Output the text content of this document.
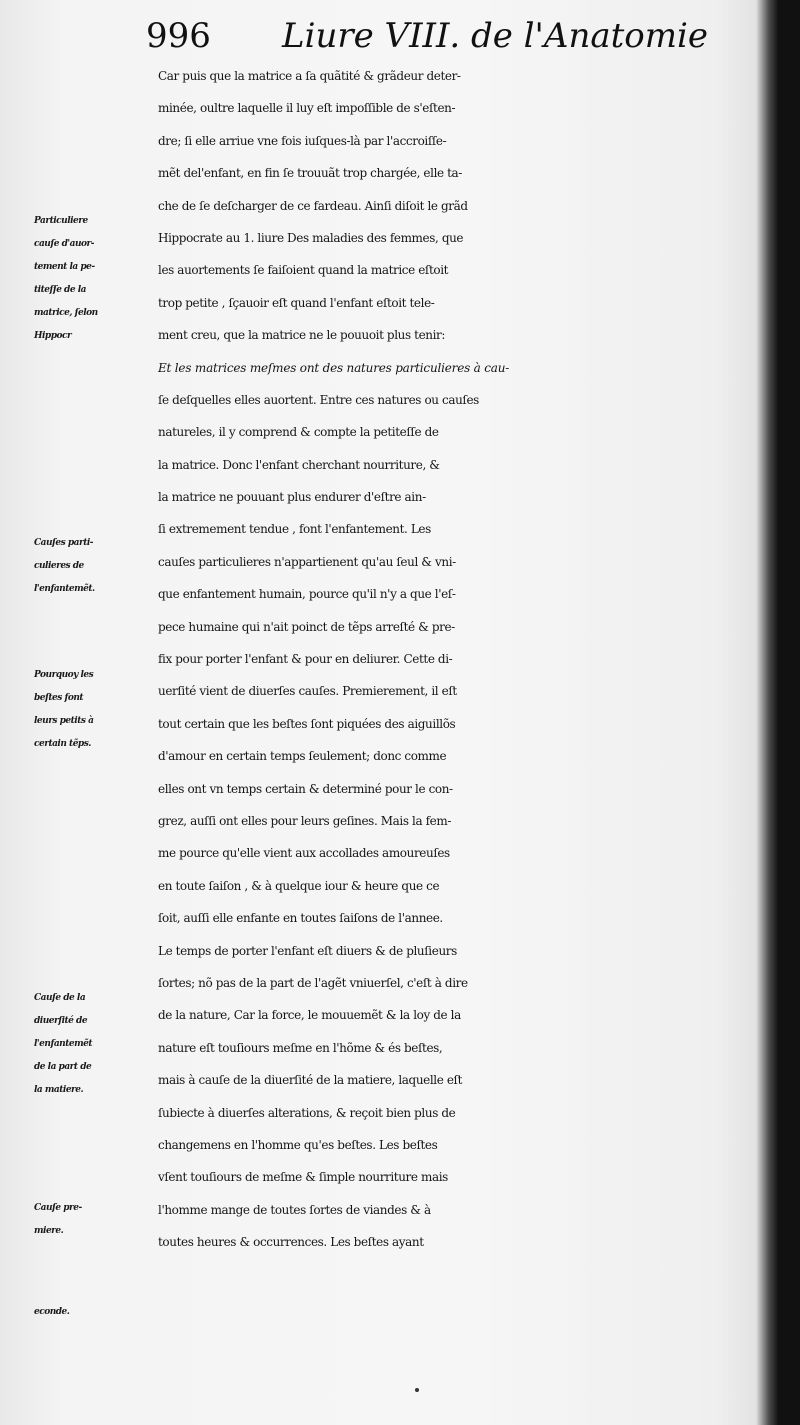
996 Liure VIII. de l'Anatomie
Car puis que la matrice a ſa quãtité & grãdeur deter-
minée, oultre laquelle il luy eſt impoſſible de s'eſten-
dre; ſi elle arriue vne fois iuſques-là par l'accroiſſe-
mẽt del'enfant, en fin ſe trouuãt trop chargée, elle ta-
che de ſe deſcharger de ce fardeau. Ainſi diſoit le grãd
Hippocrate au 1. liure Des maladies des femmes, que
les auortements ſe faiſoient quand la matrice eſtoit
trop petite , ſçauoir eſt quand l'enfant eſtoit tele-
ment creu, que la matrice ne le pouuoit plus tenir:
Et les matrices meſmes ont des natures particulieres à cau-
ſe deſquelles elles auortent. Entre ces natures ou cauſes
natureles, il y comprend & compte la petiteſſe de
la matrice. Donc l'enfant cherchant nourriture, &
la matrice ne pouuant plus endurer d'eſtre ain-
ſi extremement tendue , font l'enfantement. Les
cauſes particulieres n'appartienent qu'au ſeul & vni-
que enfantement humain, pource qu'il n'y a que l'eſ-
pece humaine qui n'ait poinct de tẽps arreſté & pre-
fix pour porter l'enfant & pour en deliurer. Cette di-
uerſité vient de diuerſes cauſes. Premierement, il eſt
tout certain que les beſtes ſont piquées des aiguillõs
d'amour en certain temps ſeulement; donc comme
elles ont vn temps certain & determiné pour le con-
grez, auſſi ont elles pour leurs geſines. Mais la fem-
me pource qu'elle vient aux accollades amoureuſes
en toute ſaiſon , & à quelque iour & heure que ce
ſoit, auſſi elle enfante en toutes ſaiſons de l'annee.
Le temps de porter l'enfant eſt diuers & de pluſieurs
ſortes; nõ pas de la part de l'agẽt vniuerſel, c'eſt à dire
de la nature, Car la force, le mouuemẽt & la loy de la
nature eſt touſiours meſme en l'hõme & és beſtes,
mais à cauſe de la diuerſité de la matiere, laquelle eſt
ſubiecte à diuerſes alterations, & reçoit bien plus de
changemens en l'homme qu'es beſtes. Les beſtes
vſent touſiours de meſme & ſimple nourriture mais
l'homme mange de toutes ſortes de viandes & à
toutes heures & occurrences. Les beſtes ayant
Particuliere
cauſe d'auor-
tement la pe-
titeſſe de la
matrice, ſelon
Hippocr
Cauſes parti-
culieres de
l'enfantemẽt.
Pourquoy les
beſtes font
leurs petits à
certain tẽps.
Cauſe de la
diuerſité de
l'enfantemẽt
de la part de
la matiere.
Cauſe pre-
miere.
econde.
